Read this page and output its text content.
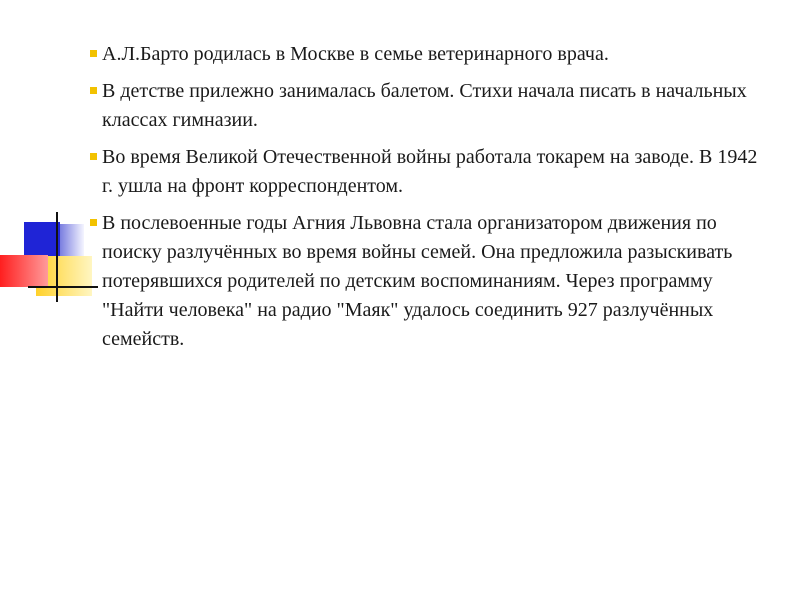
А.Л.Барто родилась в Москве в семье ветеринарного врача.
В детстве прилежно занималась балетом. Стихи начала писать в начальных классах гимназии.
Во время Великой Отечественной войны работала токарем на заводе. В 1942 г. ушла на фронт корреспондентом.
В послевоенные годы Агния Львовна стала организатором движения по поиску разлучённых во время войны семей. Она предложила разыскивать потерявшихся родителей по детским воспоминаниям. Через программу "Найти человека" на радио "Маяк" удалось соединить 927 разлучённых семейств.
